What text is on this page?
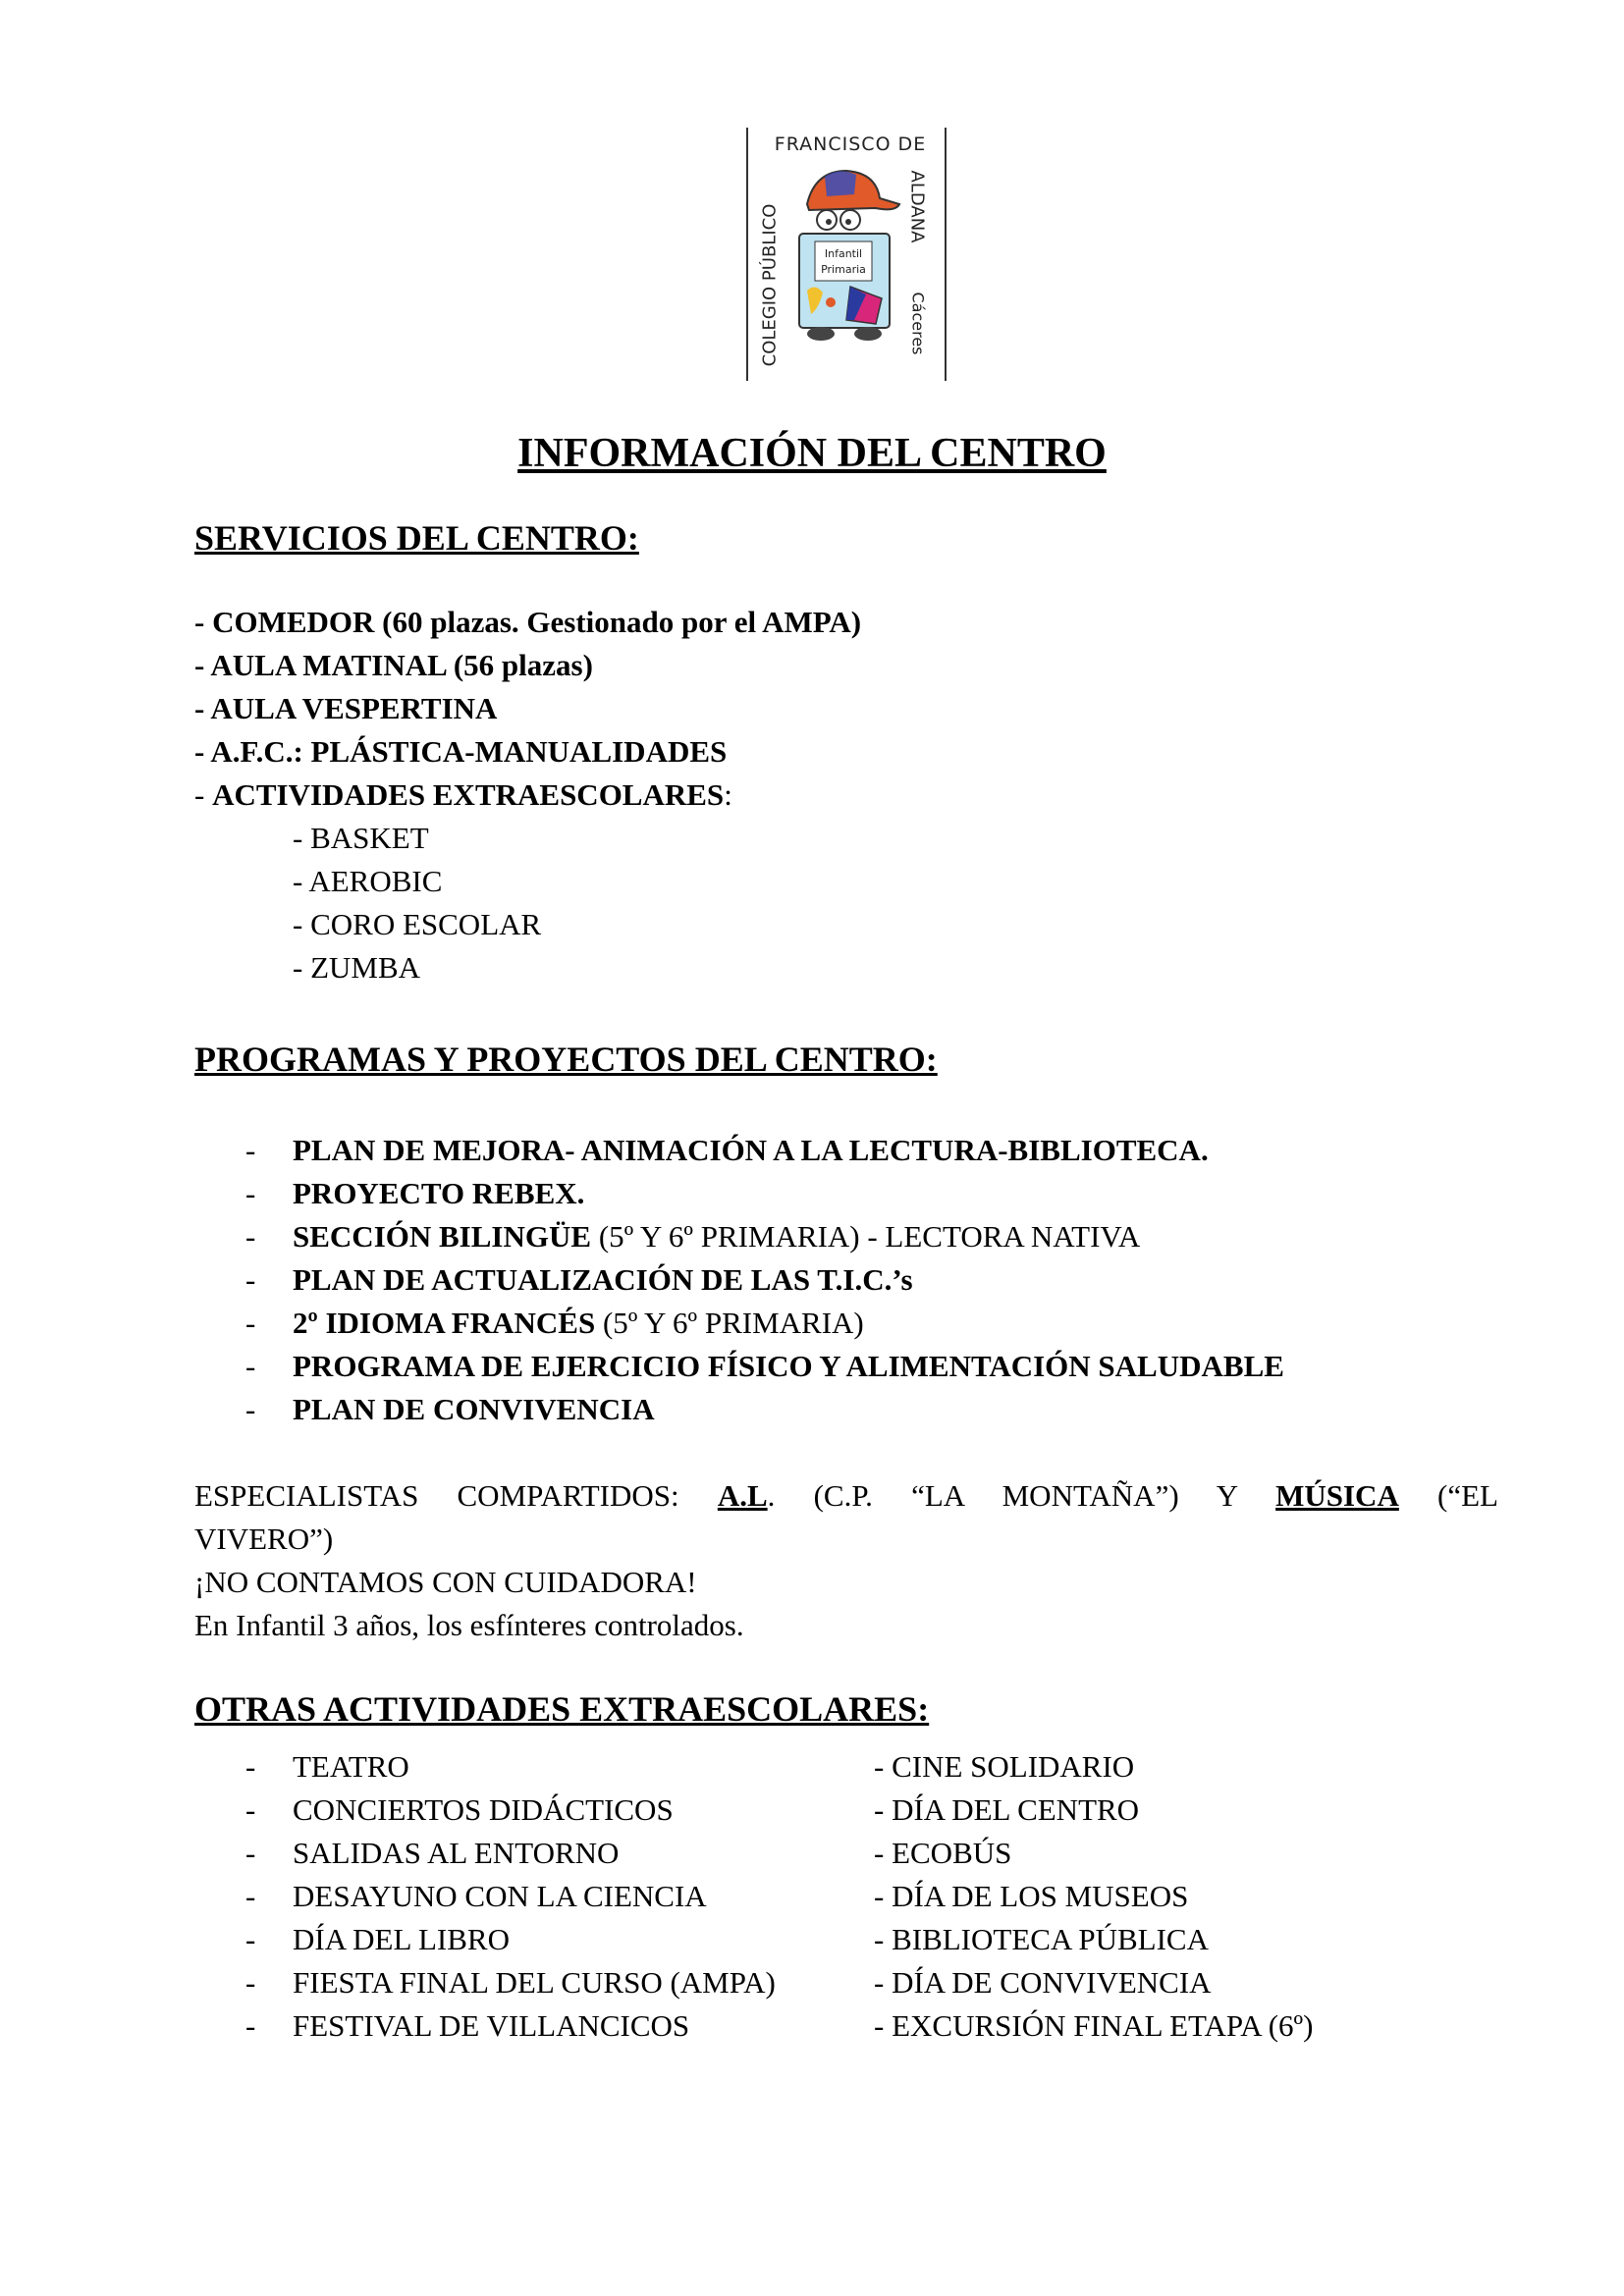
FRANCISCO DE
COLEGIO PÚBLICO	ALDANA
Cáceres
Infantil
Primaria
INFORMACIÓN DEL CENTRO
SERVICIOS DEL CENTRO:
- COMEDOR (60 plazas. Gestionado por el AMPA)
- AULA MATINAL (56 plazas)
- AULA VESPERTINA
- A.F.C.: PLÁSTICA-MANUALIDADES
- ACTIVIDADES EXTRAESCOLARES:
- BASKET
- AEROBIC
- CORO ESCOLAR
- ZUMBA
PROGRAMAS Y PROYECTOS DEL CENTRO:
- PLAN DE MEJORA- ANIMACIÓN A LA LECTURA-BIBLIOTECA.
- PROYECTO REBEX.
- SECCIÓN BILINGÜE (5º Y 6º PRIMARIA) - LECTORA NATIVA
- PLAN DE ACTUALIZACIÓN DE LAS T.I.C.’s
- 2º IDIOMA FRANCÉS (5º Y 6º PRIMARIA)
- PROGRAMA DE EJERCICIO FÍSICO Y ALIMENTACIÓN SALUDABLE
- PLAN DE CONVIVENCIA
ESPECIALISTAS COMPARTIDOS: A.L. (C.P. “LA MONTAÑA”) Y MÚSICA (“EL
VIVERO”)
¡NO CONTAMOS CON CUIDADORA!
En Infantil 3 años, los esfínteres controlados.
OTRAS ACTIVIDADES EXTRAESCOLARES:
- TEATRO	- CINE SOLIDARIO
- CONCIERTOS DIDÁCTICOS	- DÍA DEL CENTRO
- SALIDAS AL ENTORNO	- ECOBÚS
- DESAYUNO CON LA CIENCIA	- DÍA DE LOS MUSEOS
- DÍA DEL LIBRO	- BIBLIOTECA PÚBLICA
- FIESTA FINAL DEL CURSO (AMPA)	- DÍA DE CONVIVENCIA
- FESTIVAL DE VILLANCICOS	- EXCURSIÓN FINAL ETAPA (6º)
